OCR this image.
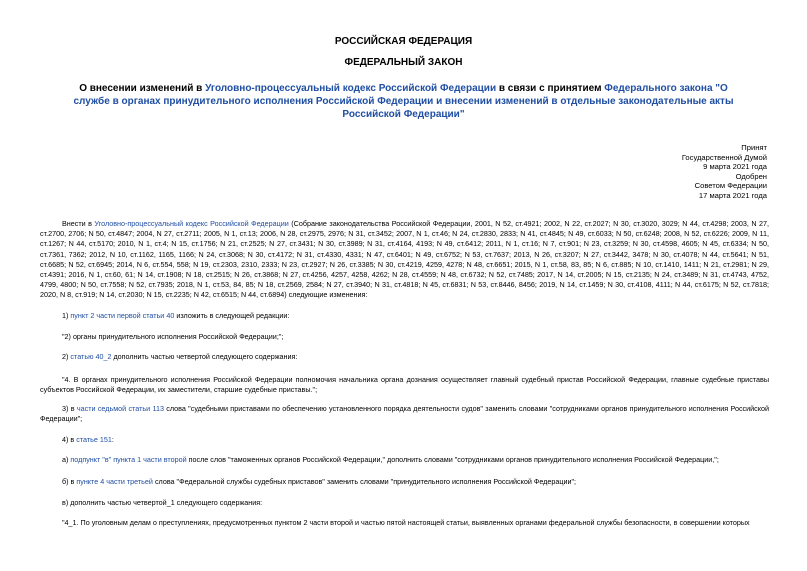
РОССИЙСКАЯ ФЕДЕРАЦИЯ
ФЕДЕРАЛЬНЫЙ ЗАКОН
О внесении изменений в Уголовно-процессуальный кодекс Российской Федерации в связи с принятием Федерального закона "О службе в органах принудительного исполнения Российской Федерации и внесении изменений в отдельные законодательные акты Российской Федерации"
Принят
Государственной Думой
9 марта 2021 года
Одобрен
Советом Федерации
17 марта 2021 года
Внести в Уголовно-процессуальный кодекс Российской Федерации (Собрание законодательства Российской Федерации, 2001, N 52, ст.4921; 2002, N 22, ст.2027; N 30, ст.3020, 3029; N 44, ст.4298; 2003, N 27, ст.2700, 2706; N 50, ст.4847; 2004, N 27, ст.2711; 2005, N 1, ст.13; 2006, N 28, ст.2975, 2976; N 31, ст.3452; 2007, N 1, ст.46; N 24, ст.2830, 2833; N 41, ст.4845; N 49, ст.6033; N 50, ст.6248; 2008, N 52, ст.6226; 2009, N 11, ст.1267; N 44, ст.5170; 2010, N 1, ст.4; N 15, ст.1756; N 21, ст.2525; N 27, ст.3431; N 30, ст.3989; N 31, ст.4164, 4193; N 49, ст.6412; 2011, N 1, ст.16; N 7, ст.901; N 23, ст.3259; N 30, ст.4598, 4605; N 45, ст.6334; N 50, ст.7361, 7362; 2012, N 10, ст.1162, 1165, 1166; N 24, ст.3068; N 30, ст.4172; N 31, ст.4330, 4331; N 47, ст.6401; N 49, ст.6752; N 53, ст.7637; 2013, N 26, ст.3207; N 27, ст.3442, 3478; N 30, ст.4078; N 44, ст.5641; N 51, ст.6685; N 52, ст.6945; 2014, N 6, ст.554, 558; N 19, ст.2303, 2310, 2333; N 23, ст.2927; N 26, ст.3385; N 30, ст.4219, 4259, 4278; N 48, ст.6651; 2015, N 1, ст.58, 83, 85; N 6, ст.885; N 10, ст.1410, 1411; N 21, ст.2981; N 29, ст.4391; 2016, N 1, ст.60, 61; N 14, ст.1908; N 18, ст.2515; N 26, ст.3868; N 27, ст.4256, 4257, 4258, 4262; N 28, ст.4559; N 48, ст.6732; N 52, ст.7485; 2017, N 14, ст.2005; N 15, ст.2135; N 24, ст.3489; N 31, ст.4743, 4752, 4799, 4800; N 50, ст.7558; N 52, ст.7935; 2018, N 1, ст.53, 84, 85; N 18, ст.2569, 2584; N 27, ст.3940; N 31, ст.4818; N 45, ст.6831; N 53, ст.8446, 8456; 2019, N 14, ст.1459; N 30, ст.4108, 4111; N 44, ст.6175; N 52, ст.7818; 2020, N 8, ст.919; N 14, ст.2030; N 15, ст.2235; N 42, ст.6515; N 44, ст.6894) следующие изменения:
1) пункт 2 части первой статьи 40 изложить в следующей редакции:
"2) органы принудительного исполнения Российской Федерации;";
2) статью 40_2 дополнить частью четвертой следующего содержания:
"4. В органах принудительного исполнения Российской Федерации полномочия начальника органа дознания осуществляет главный судебный пристав Российской Федерации, главные судебные приставы субъектов Российской Федерации, их заместители, старшие судебные приставы.";
3) в части седьмой статьи 113 слова "судебными приставами по обеспечению установленного порядка деятельности судов" заменить словами "сотрудниками органов принудительного исполнения Российской Федерации";
4) в статье 151:
а) подпункт "в" пункта 1 части второй после слов "таможенных органов Российской Федерации," дополнить словами "сотрудниками органов принудительного исполнения Российской Федерации,";
б) в пункте 4 части третьей слова "Федеральной службы судебных приставов" заменить словами "принудительного исполнения Российской Федерации";
в) дополнить частью четвертой_1 следующего содержания:
"4_1. По уголовным делам о преступлениях, предусмотренных пунктом 2 части второй и частью пятой настоящей статьи, выявленных органами федеральной службы безопасности, в совершении которых
